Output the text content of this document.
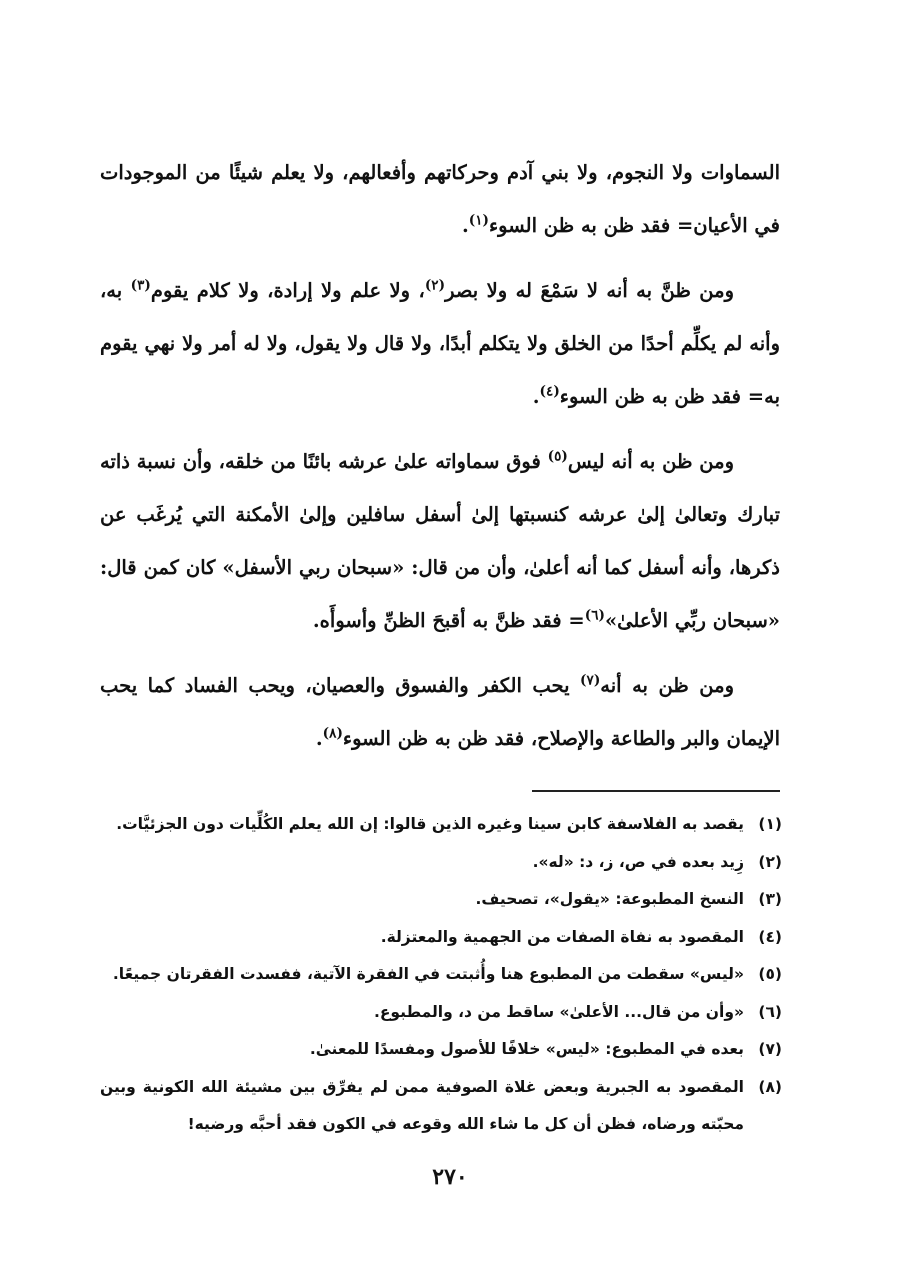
السماوات ولا النجوم، ولا بني آدم وحركاتهم وأفعالهم، ولا يعلم شيئًا من الموجودات في الأعيان= فقد ظن به ظن السوء$^{(١)}$.

ومن ظنَّ به أنه لا سَمْعَ له ولا بصر$^{(٢)}$، ولا علم ولا إرادة، ولا كلام يقوم$^{(٣)}$ به، وأنه لم يكلِّم أحدًا من الخلق ولا يتكلم أبدًا، ولا قال ولا يقول، ولا له أمر ولا نهي يقوم به= فقد ظن به ظن السوء$^{(٤)}$.

ومن ظن به أنه ليس$^{(٥)}$ فوق سماواته علىٰ عرشه بائنًا من خلقه، وأن نسبة ذاته تبارك وتعالىٰ إلىٰ عرشه كنسبتها إلىٰ أسفل سافلين وإلىٰ الأمكنة التي يُرغَب عن ذكرها، وأنه أسفل كما أنه أعلىٰ، وأن من قال: «سبحان ربي الأسفل» كان كمن قال: «سبحان ربِّي الأعلىٰ»$^{(٦)}$= فقد ظنَّ به أقبحَ الظنِّ وأسوأَه.

ومن ظن به أنه$^{(٧)}$ يحب الكفر والفسوق والعصيان، ويحب الفساد كما يحب الإيمان والبر والطاعة والإصلاح، فقد ظن به ظن السوء$^{(٨)}$.

(١)
يقصد به الفلاسفة كابن سينا وغيره الذين قالوا: إن الله يعلم الكُلِّيات دون الجزئيَّات.
(٢)
زِيد بعده في ص، ز، د: «له».
(٣)
النسخ المطبوعة: «يقول»، تصحيف.
(٤)
المقصود به نفاة الصفات من الجهمية والمعتزلة.
(٥)
«ليس» سقطت من المطبوع هنا وأُثبتت في الفقرة الآتية، ففسدت الفقرتان جميعًا.
(٦)
«وأن من قال... الأعلىٰ» ساقط من د، والمطبوع.
(٧)
بعده في المطبوع: «ليس» خلافًا للأصول ومفسدًا للمعنىٰ.
(٨)
المقصود به الجبرية وبعض غلاة الصوفية ممن لم يفرِّق بين مشيئة الله الكونية وبين محبّته ورضاه، فظن أن كل ما شاء الله وقوعه في الكون فقد أحبَّه ورضيه!
٢٧٠
